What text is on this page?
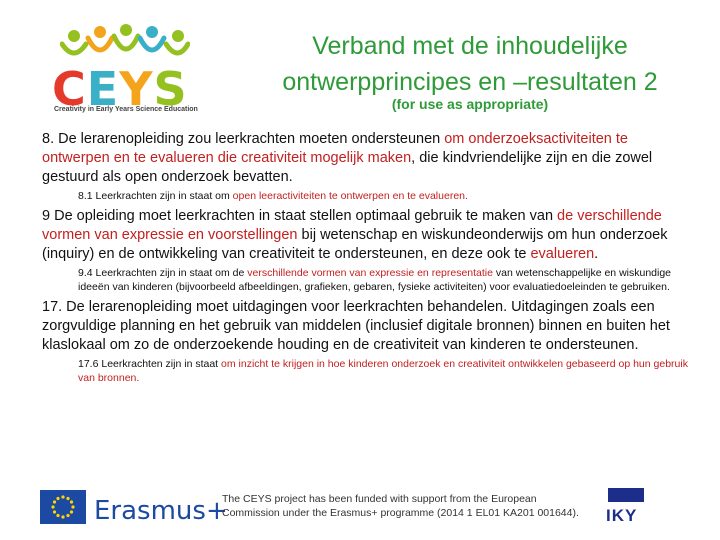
CEYS
Creativity in Early Years Science Education
Verband met de inhoudelijke ontwerpprincipes en –resultaten 2
(for use as appropriate)

8. De lerarenopleiding zou leerkrachten moeten ondersteunen om onderzoeksactiviteiten te ontwerpen en te evalueren die creativiteit mogelijk maken, die kindvriendelijke zijn en die zowel gestuurd als open onderzoek bevatten.

8.1 Leerkrachten zijn in staat om open leeractiviteiten te ontwerpen en te evalueren.

9 De opleiding moet leerkrachten in staat stellen optimaal gebruik te maken van de verschillende vormen van expressie en voorstellingen bij wetenschap en wiskundeonderwijs om hun onderzoek (inquiry) en de ontwikkeling van creativiteit te ondersteunen, en deze ook te evalueren.

9.4 Leerkrachten zijn in staat om de verschillende vormen van expressie en representatie van wetenschappelijke en wiskundige ideeën van kinderen (bijvoorbeeld afbeeldingen, grafieken, gebaren, fysieke activiteiten) voor evaluatiedoeleinden te gebruiken.

17. De lerarenopleiding moet uitdagingen voor leerkrachten behandelen. Uitdagingen zoals een zorgvuldige planning en het gebruik van middelen (inclusief digitale bronnen) binnen en buiten het klaslokaal om zo de onderzoekende houding en de creativiteit van kinderen te ondersteunen.

17.6 Leerkrachten zijn in staat om inzicht te krijgen in hoe kinderen onderzoek en creativiteit ontwikkelen gebaseerd op hun gebruik van bronnen.

Erasmus+
The CEYS project has been funded with support from the European Commission under the Erasmus+ programme (2014 1 EL01 KA201 001644).	IKY
